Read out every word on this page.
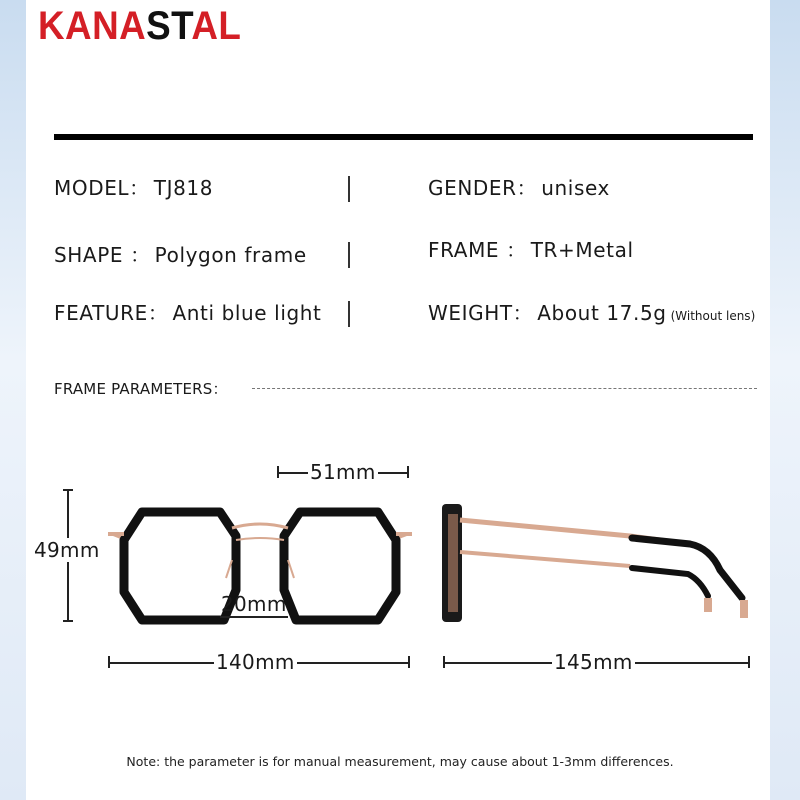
KANASTAL
MODEL： TJ818	GENDER： unisex
SHAPE ： Polygon frame	FRAME ： TR+Metal
FEATURE： Anti blue light	WEIGHT： About 17.5g (Without lens)
FRAME PARAMETERS：
51mm
49mm
20mm
140mm	145mm
Note: the parameter is for manual measurement, may cause about 1-3mm differences.
